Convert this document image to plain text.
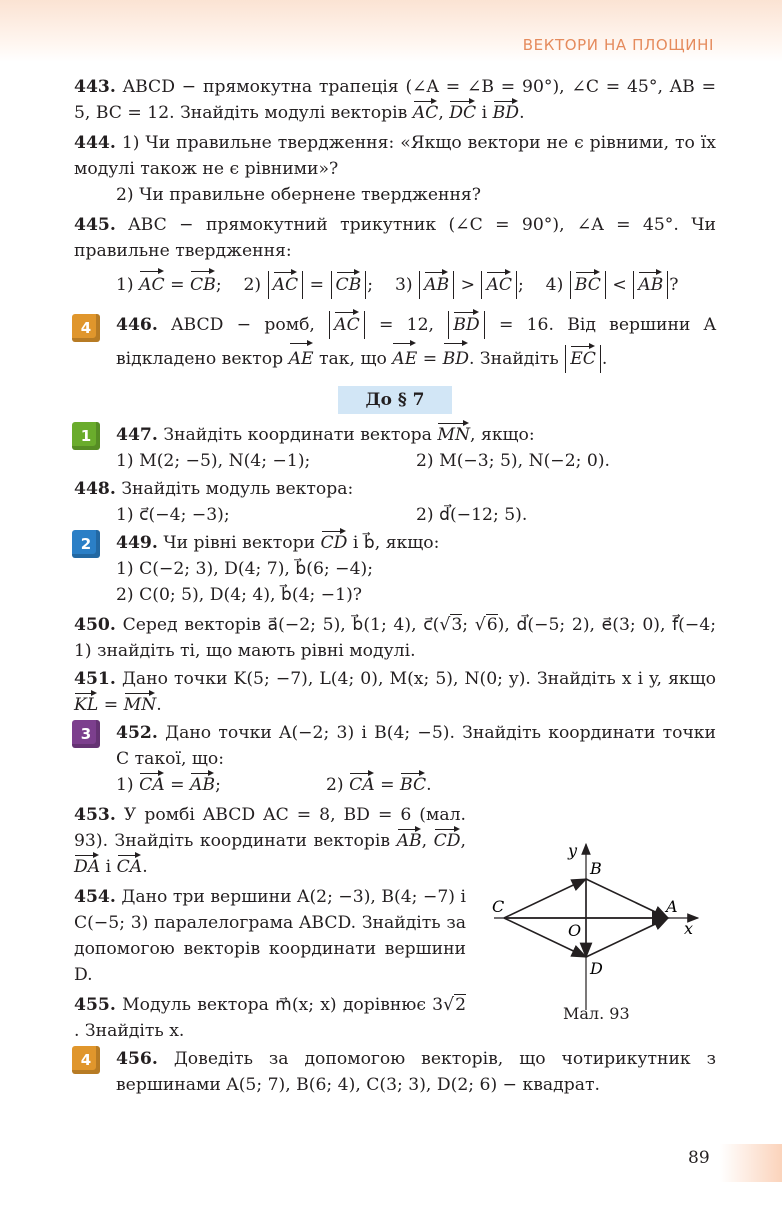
ВЕКТОРИ НА ПЛОЩИНІ

443. ABCD − прямокутна трапеція (∠A = ∠B = 90°), ∠C = 45°, AB = 5, BC = 12. Знайдіть модулі векторів AC, DC і BD.

444. 1) Чи правильне твердження: «Якщо вектори не є рівними, то їх модулі також не є рівними»?

2) Чи правильне обернене твердження?

445. ABC − прямокутний трикутник (∠C = 90°), ∠A = 45°. Чи правильне твердження:

1) AC = CB;    2) AC = CB ;    3) AB > AC ;    4) BC < AB ?

4	446. ABCD − ромб, AC = 12, BD = 16. Від вершини A відкладено вектор AE так, що AE = BD. Знайдіть EC .

До § 7
1	447. Знайдіть координати вектора MN, якщо:

1) M(2; −5), N(4; −1);	2) M(−3; 5), N(−2; 0).

448. Знайдіть модуль вектора:

1) c⃗(−4; −3);	2) d⃗(−12; 5).

2	449. Чи рівні вектори CD і b⃗, якщо:

1) C(−2; 3), D(4; 7), b⃗(6; −4);

2) C(0; 5), D(4; 4), b⃗(4; −1)?

450. Серед векторів a⃗(−2; 5), b⃗(1; 4), c⃗(√3; √6), d⃗(−5; 2), e⃗(3; 0), f⃗(−4; 1) знайдіть ті, що мають рівні модулі.

451. Дано точки K(5; −7), L(4; 0), M(x; 5), N(0; y). Знайдіть x і y, якщо KL = MN.

3	452. Дано точки A(−2; 3) і B(4; −5). Знайдіть координати точки C такої, що:

1) CA = AB;	2) CA = BC.

453. У ромбі ABCD AC = 8, BD = 6 (мал. 93). Знайдіть координати векторів AB, CD, DA і CA.

454. Дано три вершини A(2; −3), B(4; −7) і C(−5; 3) паралелограма ABCD. Знайдіть за допомогою векторів координати вершини D.

455. Модуль вектора m⃗(x; x) дорівнює 3√2. Знайдіть x.

4	456. Доведіть за допомогою векторів, що чотирикутник з вершинами A(5; 7), B(6; 4), C(3; 3), D(2; 6) − квадрат.

y
B
C	A
O	x
D
Мал. 93
89
